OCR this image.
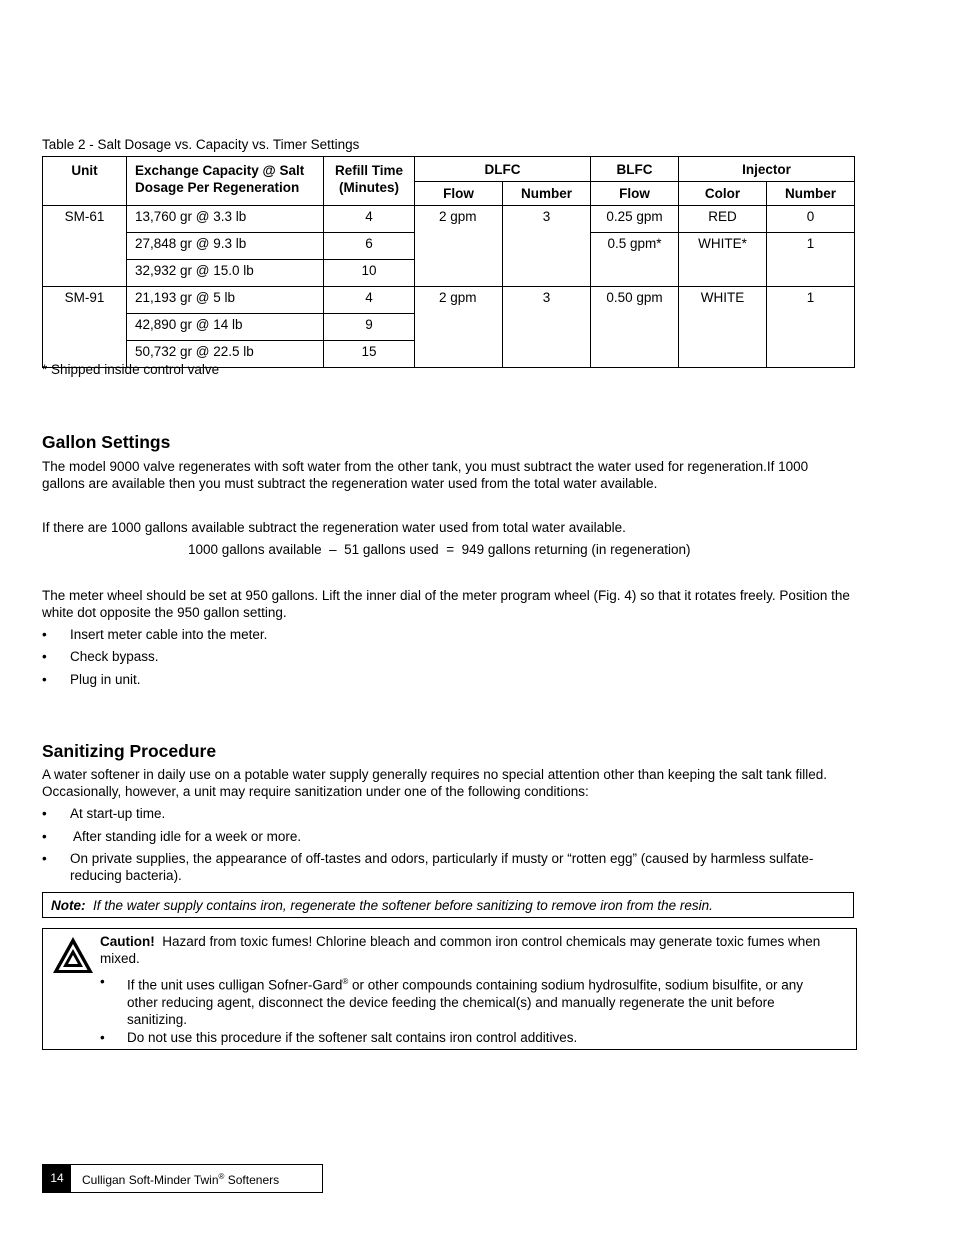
Table 2 - Salt Dosage vs. Capacity vs. Timer Settings
Unit	Exchange Capacity @ Salt Dosage Per Regeneration	Refill Time (Minutes)	DLFC		BLFC	Injector	
			Flow	Number	Flow	Color	Number
SM-61	13,760 gr @ 3.3 lb	4	2 gpm	3	0.25 gpm	RED	0
	27,848 gr @ 9.3 lb	6			0.5 gpm*	WHITE*	1
	32,932 gr @ 15.0 lb	10					
SM-91	21,193 gr @ 5 lb	4	2 gpm	3	0.50 gpm	WHITE	1
	42,890 gr @ 14 lb	9					
	50,732 gr @ 22.5 lb	15					
* Shipped inside control valve
Gallon Settings

The model 9000 valve regenerates with soft water from the other tank, you must subtract the water used for regeneration.If 1000 gallons are available then you must subtract the regeneration water used from the total water available.

If there are 1000 gallons available subtract the regeneration water used from total water available.

1000 gallons available  –  51 gallons used  =  949 gallons returning (in regeneration)

The meter wheel should be set at 950 gallons. Lift the inner dial of the meter program wheel (Fig. 4) so that it rotates freely. Position the white dot opposite the 950 gallon setting.

• Insert meter cable into the meter.
• Check bypass.
• Plug in unit.
Sanitizing Procedure

A water softener in daily use on a potable water supply generally requires no special attention other than keeping the salt tank filled. Occasionally, however, a unit may require sanitization under one of the following conditions:

• At start-up time.
• After standing idle for a week or more.
• On private supplies, the appearance of off-tastes and odors, particularly if musty or “rotten egg” (caused by harmless sulfate-reducing bacteria).
Note: If the water supply contains iron, regenerate the softener before sanitizing to remove iron from the resin.
Caution! Hazard from toxic fumes! Chlorine bleach and common iron control chemicals may generate toxic fumes when mixed.
• If the unit uses culligan Sofner-Gard® or other compounds containing sodium hydrosulfite, sodium bisulfite, or any other reducing agent, disconnect the device feeding the chemical(s) and manually regenerate the unit before sanitizing.
• Do not use this procedure if the softener salt contains iron control additives.
14	Culligan Soft-Minder Twin® Softeners
